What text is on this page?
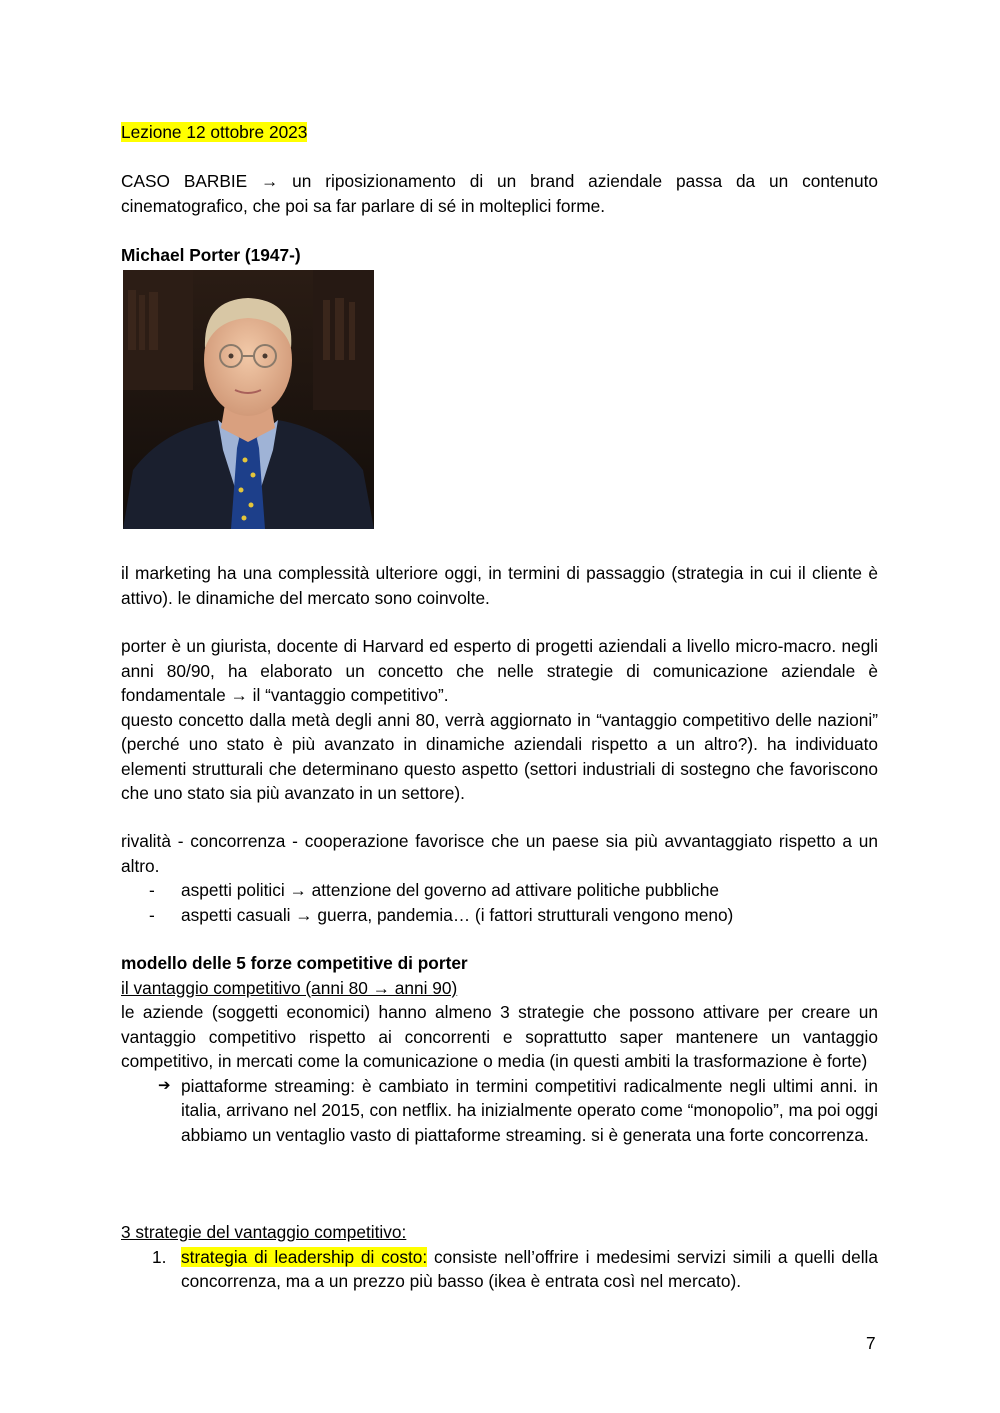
Lezione 12 ottobre 2023

CASO BARBIE → un riposizionamento di un brand aziendale passa da un contenuto cinematografico, che poi sa far parlare di sé in molteplici forme.

Michael Porter (1947-)

il marketing ha una complessità ulteriore oggi, in termini di passaggio (strategia in cui il cliente è attivo). le dinamiche del mercato sono coinvolte.

porter è un giurista, docente di Harvard ed esperto di progetti aziendali a livello micro-macro. negli anni 80/90, ha elaborato un concetto che nelle strategie di comunicazione aziendale è fondamentale → il “vantaggio competitivo”.

questo concetto dalla metà degli anni 80, verrà aggiornato in “vantaggio competitivo delle nazioni” (perché uno stato è più avanzato in dinamiche aziendali rispetto a un altro?). ha individuato elementi strutturali che determinano questo aspetto (settori industriali di sostegno che favoriscono che uno stato sia più avanzato in un settore).

rivalità - concorrenza - cooperazione favorisce che un paese sia più avvantaggiato rispetto a un altro.

- aspetti politici → attenzione del governo ad attivare politiche pubbliche
- aspetti casuali → guerra, pandemia… (i fattori strutturali vengono meno)

modello delle 5 forze competitive di porter

il vantaggio competitivo (anni 80 → anni 90)

le aziende (soggetti economici) hanno almeno 3 strategie che possono attivare per creare un vantaggio competitivo rispetto ai concorrenti e soprattutto saper mantenere un vantaggio competitivo, in mercati come la comunicazione o media (in questi ambiti la trasformazione è forte)

➔ piattaforme streaming: è cambiato in termini competitivi radicalmente negli ultimi anni. in italia, arrivano nel 2015, con netflix. ha inizialmente operato come “monopolio”, ma poi oggi abbiamo un ventaglio vasto di piattaforme streaming. si è generata una forte concorrenza.

3 strategie del vantaggio competitivo:

1. strategia di leadership di costo: consiste nell’offrire i medesimi servizi simili a quelli della concorrenza, ma a un prezzo più basso (ikea è entrata così nel mercato).
7
